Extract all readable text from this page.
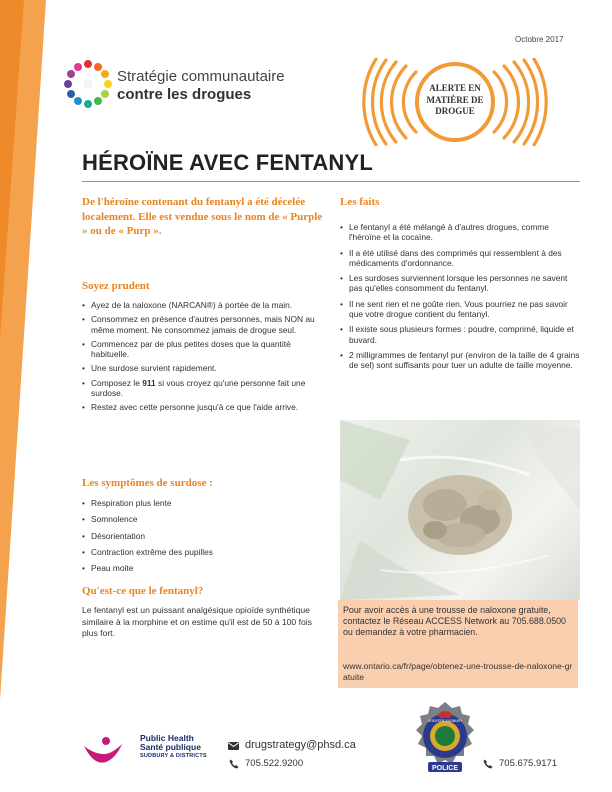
Octobre 2017
Stratégie communautaire
contre les drogues	ALERTE EN
MATIÈRE DE
DROGUE
HÉROÏNE AVEC FENTANYL
De l'héroïne contenant du fentanyl a été décelée localement. Elle est vendue sous le nom de « Purple » ou de « Purp ».
Soyez prudent
• Ayez de la naloxone (NARCAN®) à portée de la main.
• Consommez en présence d'autres personnes, mais NON au même moment. Ne consommez jamais de drogue seul.
• Commencez par de plus petites doses que la quantité habituelle.
• Une surdose survient rapidement.
• Composez le 911 si vous croyez qu'une personne fait une surdose.
• Restez avec cette personne jusqu'à ce que l'aide arrive.
Les symptômes de surdose :
• Respiration plus lente
• Somnolence
• Désorientation
• Contraction extrême des pupilles
• Peau moite
Qu'est-ce que le fentanyl?
Le fentanyl est un puissant analgésique opioïde synthétique similaire à la morphine et on estime qu'il est de 50 à 100 fois plus fort.
Les faits
• Le fentanyl a été mélangé à d'autres drogues, comme l'héroïne et la cocaïne.
• Il a été utilisé dans des comprimés qui ressemblent à des médicaments d'ordonnance.
• Les surdoses surviennent lorsque les personnes ne savent pas qu'elles consomment du fentanyl.
• Il ne sent rien et ne goûte rien. Vous pourriez ne pas savoir que votre drogue contient du fentanyl.
• Il existe sous plusieurs formes : poudre, comprimé, liquide et buvard.
• 2 milligrammes de fentanyl pur (environ de la taille de 4 grains de sel) sont suffisants pour tuer un adulte de taille moyenne.
Pour avoir accès à une trousse de naloxone gratuite, contactez le Réseau ACCESS Network au 705.688.0500 ou demandez à votre pharmacien.
www.ontario.ca/fr/page/obtenez-une-trousse-de-naloxone-gratuite
Public Health
Santé publique
SUDBURY & DISTRICTS
drugstrategy@phsd.ca
705.522.9200	POLICE
GREATER SUDBURY
705.675.9171
